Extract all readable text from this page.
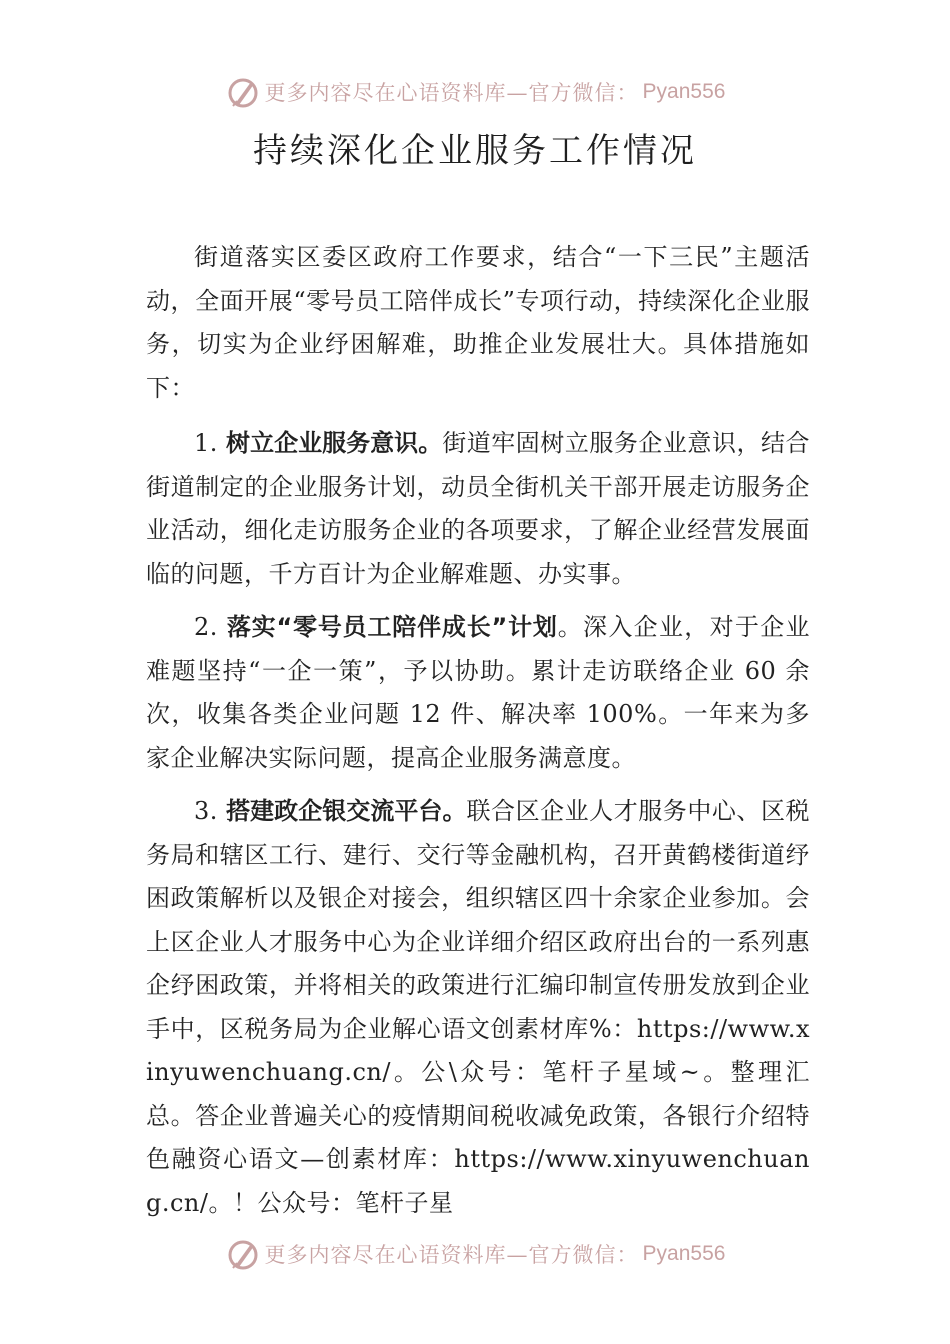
更多内容尽在心语资料库—官方微信： Pyan556
持续深化企业服务工作情况

街道落实区委区政府工作要求，结合“一下三民”主题活动，全面开展“零号员工陪伴成长”专项行动，持续深化企业服务，切实为企业纾困解难，助推企业发展壮大。具体措施如下：

1. 树立企业服务意识。街道牢固树立服务企业意识，结合街道制定的企业服务计划，动员全街机关干部开展走访服务企业活动，细化走访服务企业的各项要求，了解企业经营发展面临的问题，千方百计为企业解难题、办实事。

2. 落实“零号员工陪伴成长”计划。深入企业，对于企业难题坚持“一企一策”，予以协助。累计走访联络企业 60 余次，收集各类企业问题 12 件、解决率 100%。一年来为多家企业解决实际问题，提高企业服务满意度。

3. 搭建政企银交流平台。联合区企业人才服务中心、区税务局和辖区工行、建行、交行等金融机构，召开黄鹤楼街道纾困政策解析以及银企对接会，组织辖区四十余家企业参加。会上区企业人才服务中心为企业详细介绍区政府出台的一系列惠企纾困政策，并将相关的政策进行汇编印制宣传册发放到企业手中，区税务局为企业解心语文创素材库%：https://www.xinyuwenchuang.cn/。公\众号：笔杆子星域~。整理汇总。答企业普遍关心的疫情期间税收减免政策，各银行介绍特色融资心语文—创素材库：https://www.xinyuwenchuang.cn/。！公众号：笔杆子星

更多内容尽在心语资料库—官方微信： Pyan556
